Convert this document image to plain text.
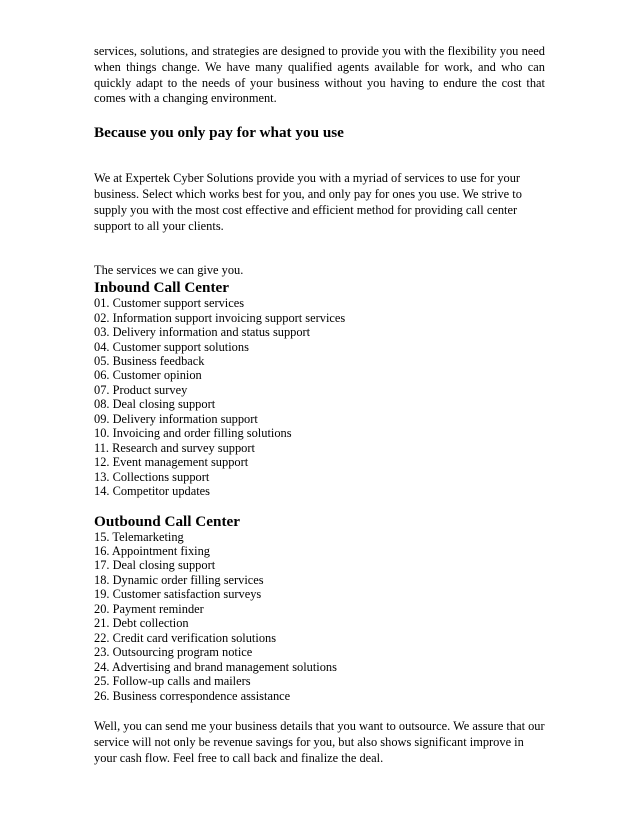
services, solutions, and strategies are designed to provide you with the flexibility you need when things change. We have many qualified agents available for work, and who can quickly adapt to the needs of your business without you having to endure the cost that comes with a changing environment.

Because you only pay for what you use

We at Expertek Cyber Solutions provide you with a myriad of services to use for your business. Select which works best for you, and only pay for ones you use. We strive to supply you with the most cost effective and efficient method for providing call center support to all your clients.

The services we can give you.

Inbound Call Center
01. Customer support services
02. Information support invoicing support services
03. Delivery information and status support
04. Customer support solutions
05. Business feedback
06. Customer opinion
07. Product survey
08. Deal closing support
09. Delivery information support
10. Invoicing and order filling solutions
11. Research and survey support
12. Event management support
13. Collections support
14. Competitor updates
Outbound Call Center
15. Telemarketing
16. Appointment fixing
17. Deal closing support
18. Dynamic order filling services
19. Customer satisfaction surveys
20. Payment reminder
21. Debt collection
22. Credit card verification solutions
23. Outsourcing program notice
24. Advertising and brand management solutions
25. Follow-up calls and mailers
26. Business correspondence assistance

Well, you can send me your business details that you want to outsource. We assure that our service will not only be revenue savings for you, but also shows significant improve in your cash flow. Feel free to call back and finalize the deal.
